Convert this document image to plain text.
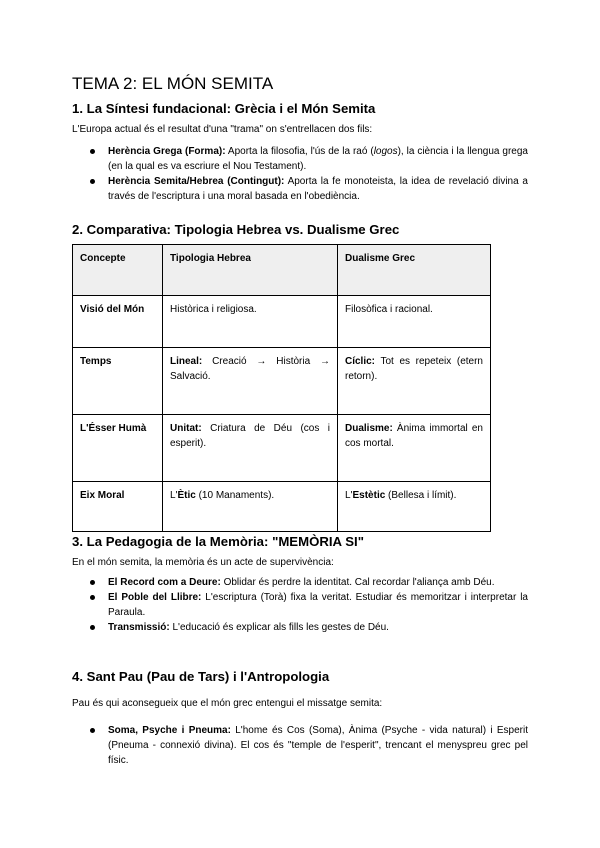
TEMA 2: EL MÓN SEMITA
1. La Síntesi fundacional: Grècia i el Món Semita

L'Europa actual és el resultat d'una "trama" on s'entrellacen dos fils:

Herència Grega (Forma): Aporta la filosofia, l'ús de la raó (logos), la ciència i la llengua grega (en la qual es va escriure el Nou Testament).
Herència Semita/Hebrea (Contingut): Aporta la fe monoteista, la idea de revelació divina a través de l'escriptura i una moral basada en l'obediència.
2. Comparativa: Tipologia Hebrea vs. Dualisme Grec
Concepte	Tipologia Hebrea	Dualisme Grec
Visió del Món	Històrica i religiosa.	Filosòfica i racional.
Temps	Lineal: Creació → Història → Salvació.	Cíclic: Tot es repeteix (etern retorn).
L'Ésser Humà	Unitat: Criatura de Déu (cos i esperit).	Dualisme: Ànima immortal en cos mortal.
Eix Moral	L'Ètic (10 Manaments).	L'Estètic (Bellesa i límit).
3. La Pedagogia de la Memòria: "MEMÒRIA SI"

En el món semita, la memòria és un acte de supervivència:

El Record com a Deure: Oblidar és perdre la identitat. Cal recordar l'aliança amb Déu.
El Poble del Llibre: L'escriptura (Torà) fixa la veritat. Estudiar és memoritzar i interpretar la Paraula.
Transmissió: L'educació és explicar als fills les gestes de Déu.
4. Sant Pau (Pau de Tars) i l'Antropologia

Pau és qui aconsegueix que el món grec entengui el missatge semita:

Soma, Psyche i Pneuma: L'home és Cos (Soma), Ànima (Psyche - vida natural) i Esperit (Pneuma - connexió divina). El cos és "temple de l'esperit", trencant el menyspreu grec pel físic.
